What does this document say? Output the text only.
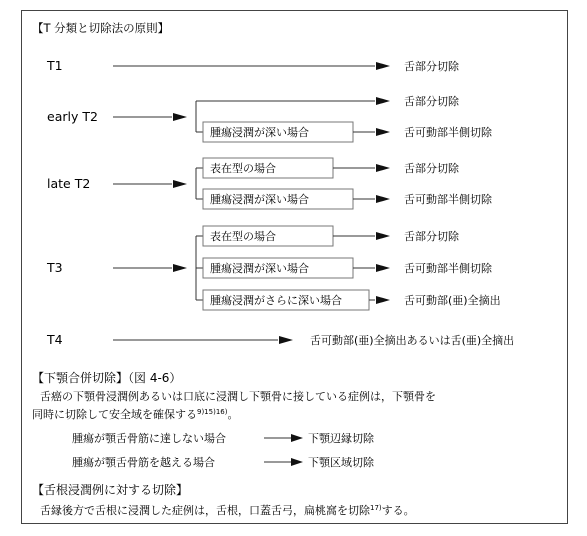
【T 分類と切除法の原則】
T1	舌部分切除
early T2
舌部分切除
腫瘍浸潤が深い場合	舌可動部半側切除
late T2
表在型の場合	舌部分切除
腫瘍浸潤が深い場合	舌可動部半側切除
T3
表在型の場合	舌部分切除
腫瘍浸潤が深い場合	舌可動部半側切除
腫瘍浸潤がさらに深い場合	舌可動部(亜)全摘出
T4	舌可動部(亜)全摘出あるいは舌(亜)全摘出
【下顎合併切除】（図 4-6）
舌癌の下顎骨浸潤例あるいは口底に浸潤し下顎骨に接している症例は，下顎骨を
同時に切除して安全域を確保する$^{9)15)16)}$。
腫瘍が顎舌骨筋に達しない場合	下顎辺縁切除
腫瘍が顎舌骨筋を越える場合	下顎区域切除
【舌根浸潤例に対する切除】
舌縁後方で舌根に浸潤した症例は，舌根，口蓋舌弓，扁桃窩を切除$^{17)}$する。
